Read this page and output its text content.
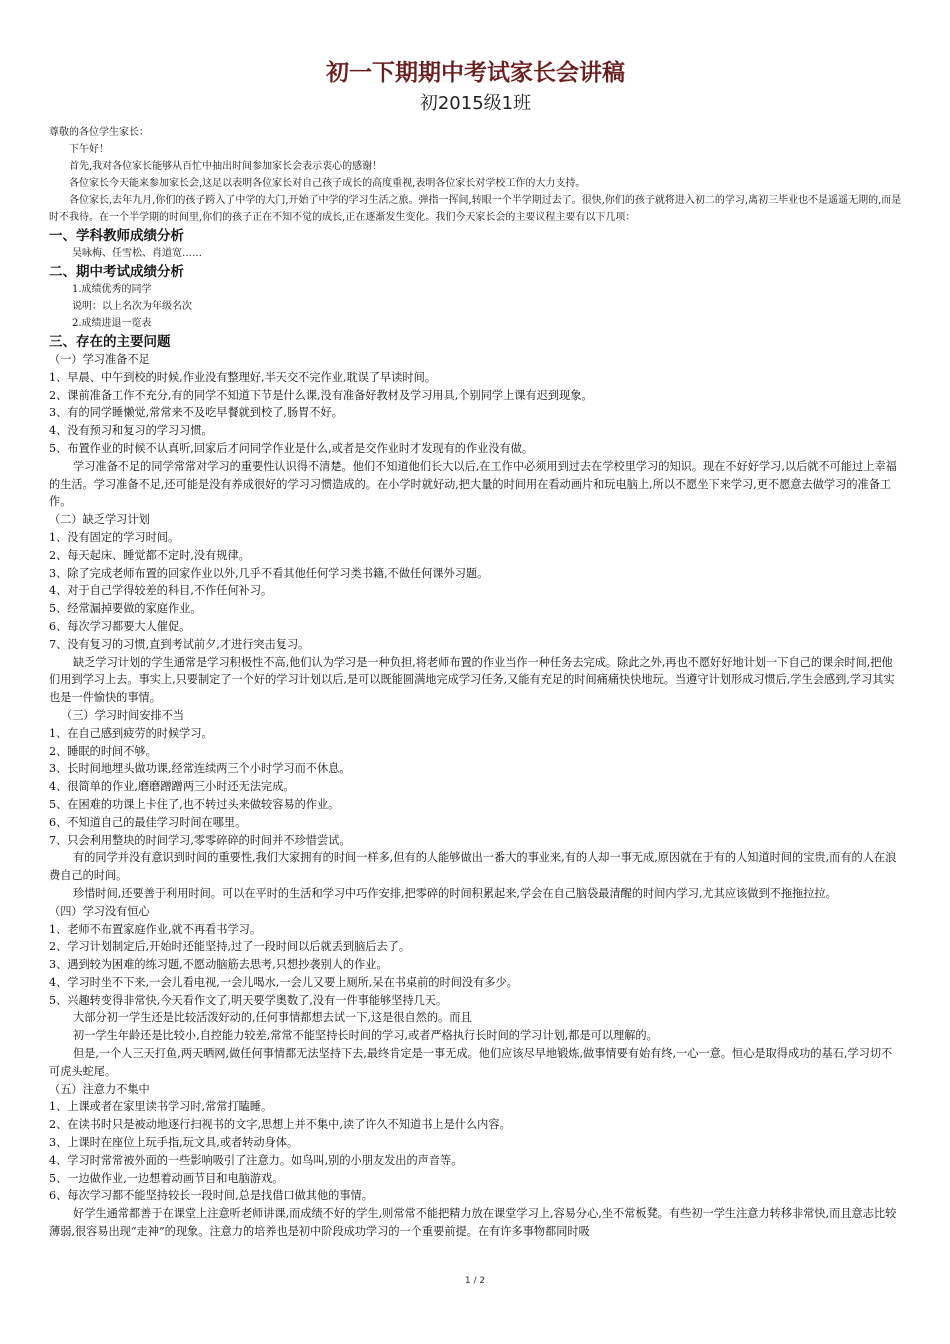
初一下期期中考试家长会讲稿
初2015级1班

尊敬的各位学生家长：

下午好！

首先,我对各位家长能够从百忙中抽出时间参加家长会表示衷心的感谢！

各位家长今天能来参加家长会,这足以表明各位家长对自己孩子成长的高度重视,表明各位家长对学校工作的大力支持。

各位家长,去年九月,你们的孩子跨入了中学的大门,开始了中学的学习生活之旅。弹指一挥间,转眼一个半学期过去了。很快,你们的孩子就将进入初二的学习,离初三毕业也不是遥遥无期的,而是时不我待。在一个半学期的时间里,你们的孩子正在不知不觉的成长,正在逐渐发生变化。我们今天家长会的主要议程主要有以下几项：

一、学科教师成绩分析

吴咏梅、任雪松、肖道宽……

二、期中考试成绩分析

1.成绩优秀的同学

说明：以上名次为年级名次

2.成绩进退一览表

三、存在的主要问题

（一）学习准备不足

1、早晨、中午到校的时候,作业没有整理好,半天交不完作业,耽误了早读时间。

2、课前准备工作不充分,有的同学不知道下节是什么课,没有准备好教材及学习用具,个别同学上课有迟到现象。

3、有的同学睡懒觉,常常来不及吃早餐就到校了,肠胃不好。

4、没有预习和复习的学习习惯。

5、布置作业的时候不认真听,回家后才问同学作业是什么,或者是交作业时才发现有的作业没有做。

学习准备不足的同学常常对学习的重要性认识得不清楚。他们不知道他们长大以后,在工作中必须用到过去在学校里学习的知识。现在不好好学习,以后就不可能过上幸福的生活。学习准备不足,还可能是没有养成很好的学习习惯造成的。在小学时就好动,把大量的时间用在看动画片和玩电脑上,所以不愿坐下来学习,更不愿意去做学习的准备工作。

（二）缺乏学习计划

1、没有固定的学习时间。

2、每天起床、睡觉都不定时,没有规律。

3、除了完成老师布置的回家作业以外,几乎不看其他任何学习类书籍,不做任何课外习题。

4、对于自己学得较差的科目,不作任何补习。

5、经常漏掉要做的家庭作业。

6、每次学习都要大人催促。

7、没有复习的习惯,直到考试前夕,才进行突击复习。

缺乏学习计划的学生通常是学习积极性不高,他们认为学习是一种负担,将老师布置的作业当作一种任务去完成。除此之外,再也不愿好好地计划一下自己的课余时间,把他们用到学习上去。事实上,只要制定了一个好的学习计划以后,是可以既能圆满地完成学习任务,又能有充足的时间痛痛快快地玩。当遵守计划形成习惯后,学生会感到,学习其实也是一件愉快的事情。

（三）学习时间安排不当

1、在自己感到疲劳的时候学习。

2、睡眠的时间不够。

3、长时间地埋头做功课,经常连续两三个小时学习而不休息。

4、很简单的作业,磨磨蹭蹭两三小时还无法完成。

5、在困难的功课上卡住了,也不转过头来做较容易的作业。

6、不知道自己的最佳学习时间在哪里。

7、只会利用整块的时间学习,零零碎碎的时间并不珍惜尝试。

有的同学并没有意识到时间的重要性,我们大家拥有的时间一样多,但有的人能够做出一番大的事业来,有的人却一事无成,原因就在于有的人知道时间的宝贵,而有的人在浪费自己的时间。

珍惜时间,还要善于利用时间。可以在平时的生活和学习中巧作安排,把零碎的时间积累起来,学会在自己脑袋最清醒的时间内学习,尤其应该做到不拖拖拉拉。

（四）学习没有恒心

1、老师不布置家庭作业,就不再看书学习。

2、学习计划制定后,开始时还能坚持,过了一段时间以后就丢到脑后去了。

3、遇到较为困难的练习题,不愿动脑筋去思考,只想抄袭别人的作业。

4、学习时坐不下来,一会儿看电视,一会儿喝水,一会儿又要上厕所,呆在书桌前的时间没有多少。

5、兴趣转变得非常快,今天看作文了,明天要学奥数了,没有一件事能够坚持几天。

大部分初一学生还是比较活泼好动的,任何事情都想去试一下,这是很自然的。而且

初一学生年龄还是比较小,自控能力较差,常常不能坚持长时间的学习,或者严格执行长时间的学习计划,都是可以理解的。

但是,一个人三天打鱼,两天晒网,做任何事情都无法坚持下去,最终肯定是一事无成。他们应该尽早地锻炼,做事情要有始有终,一心一意。恒心是取得成功的基石,学习切不可虎头蛇尾。

（五）注意力不集中

1、上课或者在家里读书学习时,常常打瞌睡。

2、在读书时只是被动地逐行扫视书的文字,思想上并不集中,读了许久不知道书上是什么内容。

3、上课时在座位上玩手指,玩文具,或者转动身体。

4、学习时常常被外面的一些影响吸引了注意力。如鸟叫,别的小朋友发出的声音等。

5、一边做作业,一边想着动画节目和电脑游戏。

6、每次学习都不能坚持较长一段时间,总是找借口做其他的事情。

好学生通常都善于在课堂上注意听老师讲课,而成绩不好的学生,则常常不能把精力放在课堂学习上,容易分心,坐不常板凳。有些初一学生注意力转移非常快,而且意志比较薄弱,很容易出现“走神”的现象。注意力的培养也是初中阶段成功学习的一个重要前提。在有许多事物都同时吸

1 / 2
